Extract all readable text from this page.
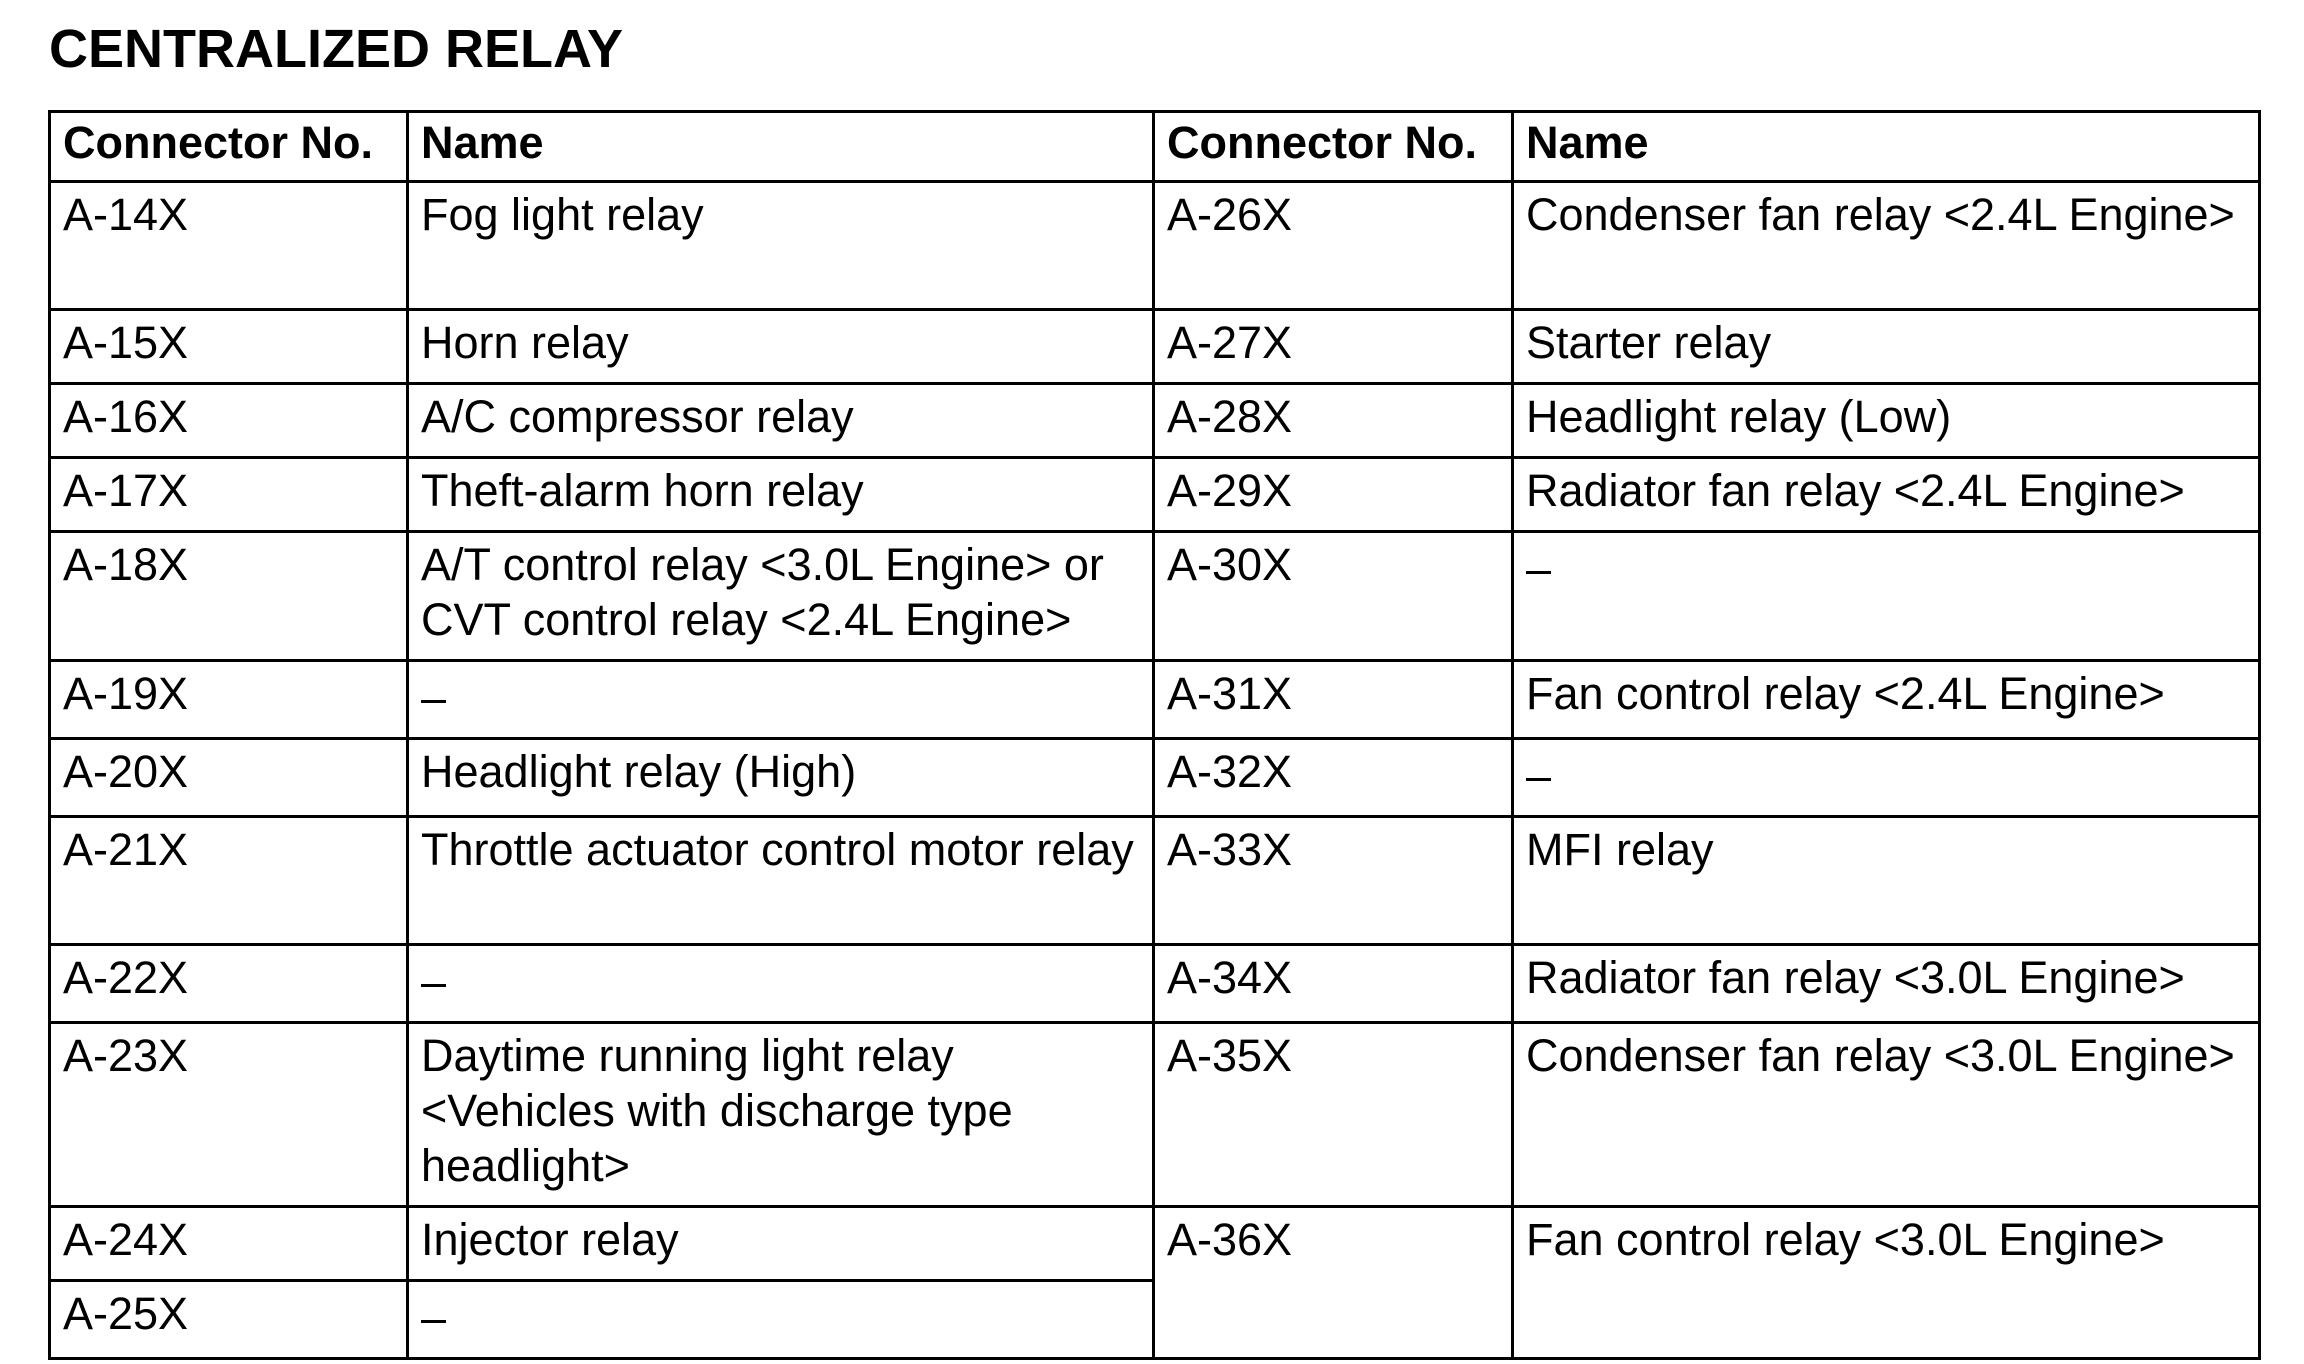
CENTRALIZED RELAY
Connector No.	Name	Connector No.	Name
A-14X	Fog light relay	A-26X	Condenser fan relay <2.4L Engine>
A-15X	Horn relay	A-27X	Starter relay
A-16X	A/C compressor relay	A-28X	Headlight relay (Low)
A-17X	Theft-alarm horn relay	A-29X	Radiator fan relay <2.4L Engine>
A-18X	A/T control relay <3.0L Engine> or CVT control relay <2.4L Engine>	A-30X	–
A-19X	–	A-31X	Fan control relay <2.4L Engine>
A-20X	Headlight relay (High)	A-32X	–
A-21X	Throttle actuator control motor relay	A-33X	MFI relay
A-22X	–	A-34X	Radiator fan relay <3.0L Engine>
A-23X	Daytime running light relay <Vehicles with discharge type headlight>	A-35X	Condenser fan relay <3.0L Engine>
A-24X	Injector relay	A-36X	Fan control relay <3.0L Engine>
A-25X	–		
